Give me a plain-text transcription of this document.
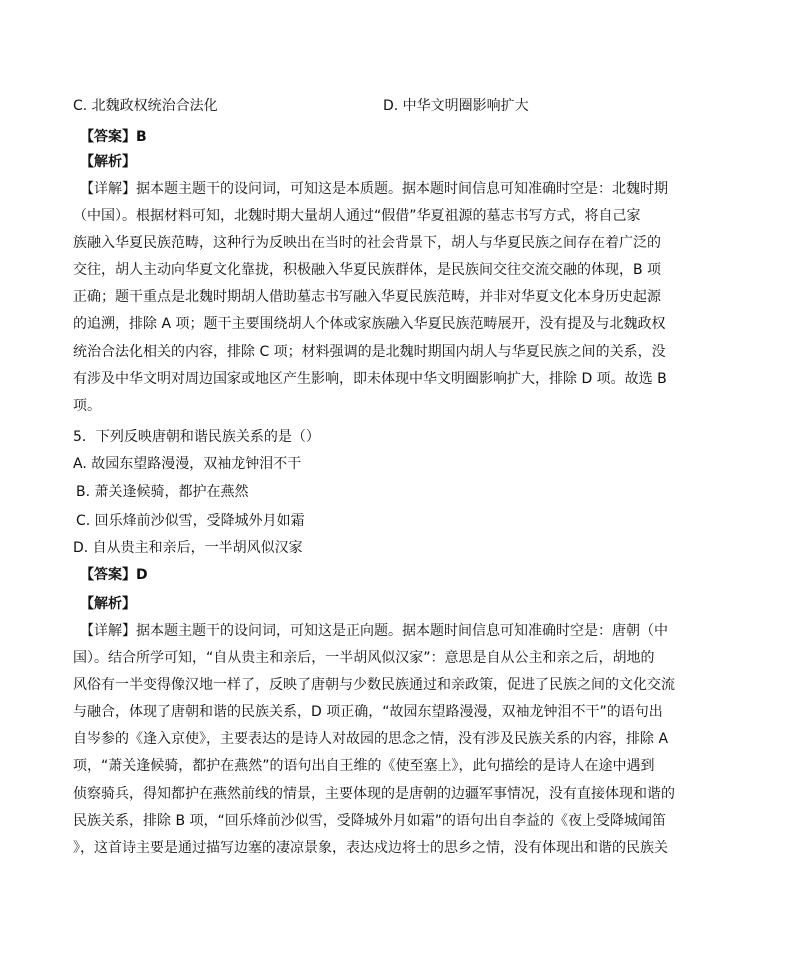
C. 北魏政权统治合法化	D. 中华文明圈影响扩大
【答案】B
【解析】
【详解】据本题主题干的设问词，可知这是本质题。据本题时间信息可知准确时空是：北魏时期
（中国）。根据材料可知，北魏时期大量胡人通过“假借”华夏祖源的墓志书写方式，将自己家
族融入华夏民族范畴，这种行为反映出在当时的社会背景下，胡人与华夏民族之间存在着广泛的
交往，胡人主动向华夏文化靠拢，积极融入华夏民族群体，是民族间交往交流交融的体现，B 项
正确；题干重点是北魏时期胡人借助墓志书写融入华夏民族范畴，并非对华夏文化本身历史起源
的追溯，排除 A 项；题干主要围绕胡人个体或家族融入华夏民族范畴展开，没有提及与北魏政权
统治合法化相关的内容，排除 C 项；材料强调的是北魏时期国内胡人与华夏民族之间的关系，没
有涉及中华文明对周边国家或地区产生影响，即未体现中华文明圈影响扩大，排除 D 项。故选 B
项。
5．下列反映唐朝和谐民族关系的是（）
A. 故园东望路漫漫，双袖龙钟泪不干
B. 萧关逢候骑，都护在燕然
C. 回乐烽前沙似雪，受降城外月如霜
D. 自从贵主和亲后，一半胡风似汉家
【答案】D
【解析】
【详解】据本题主题干的设问词，可知这是正向题。据本题时间信息可知准确时空是：唐朝（中
国）。结合所学可知，“自从贵主和亲后，一半胡风似汉家”：意思是自从公主和亲之后，胡地的
风俗有一半变得像汉地一样了，反映了唐朝与少数民族通过和亲政策，促进了民族之间的文化交流
与融合，体现了唐朝和谐的民族关系，D 项正确，“故园东望路漫漫，双袖龙钟泪不干”的语句出
自岑参的《逢入京使》，主要表达的是诗人对故园的思念之情，没有涉及民族关系的内容，排除 A
项，“萧关逢候骑，都护在燕然”的语句出自王维的《使至塞上》，此句描绘的是诗人在途中遇到
侦察骑兵，得知都护在燕然前线的情景，主要体现的是唐朝的边疆军事情况，没有直接体现和谐的
民族关系，排除 B 项，“回乐烽前沙似雪，受降城外月如霜”的语句出自李益的《夜上受降城闻笛
》，这首诗主要是通过描写边塞的凄凉景象，表达戍边将士的思乡之情，没有体现出和谐的民族关
